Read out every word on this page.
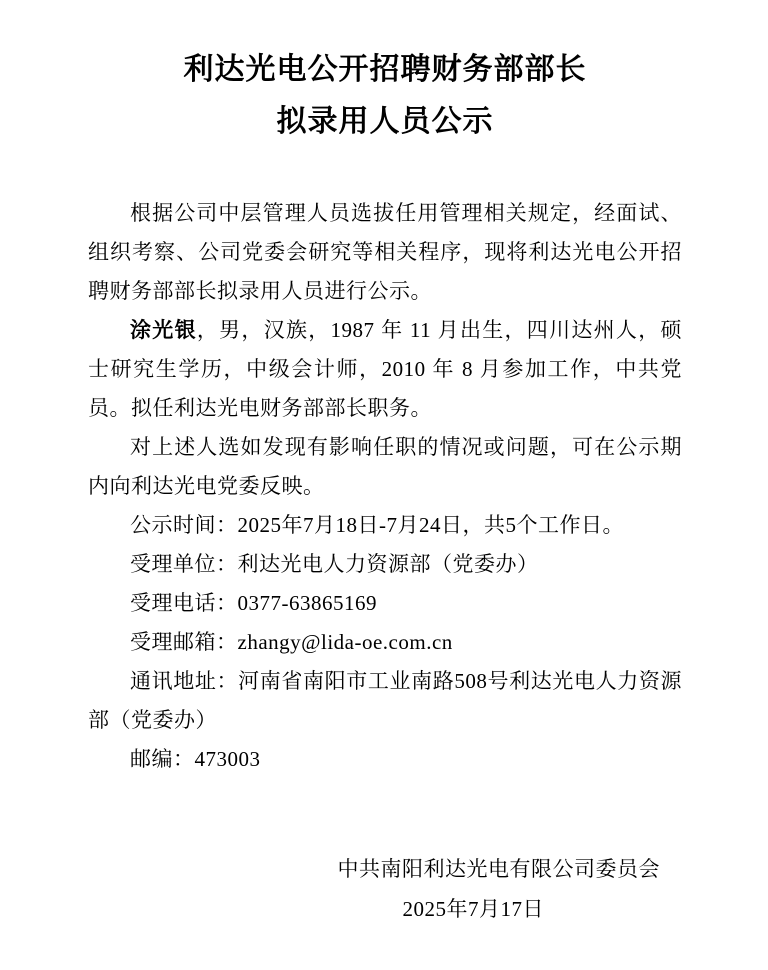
利达光电公开招聘财务部部长
拟录用人员公示

根据公司中层管理人员选拔任用管理相关规定，经面试、组织考察、公司党委会研究等相关程序，现将利达光电公开招聘财务部部长拟录用人员进行公示。

涂光银，男，汉族，1987 年 11 月出生，四川达州人，硕士研究生学历，中级会计师，2010 年 8 月参加工作，中共党员。拟任利达光电财务部部长职务。

对上述人选如发现有影响任职的情况或问题，可在公示期内向利达光电党委反映。

公示时间：2025年7月18日-7月24日，共5个工作日。

受理单位：利达光电人力资源部（党委办）

受理电话：0377-63865169

受理邮箱：zhangy@lida-oe.com.cn

通讯地址：河南省南阳市工业南路508号利达光电人力资源部（党委办）

邮编：473003

中共南阳利达光电有限公司委员会
2025年7月17日
